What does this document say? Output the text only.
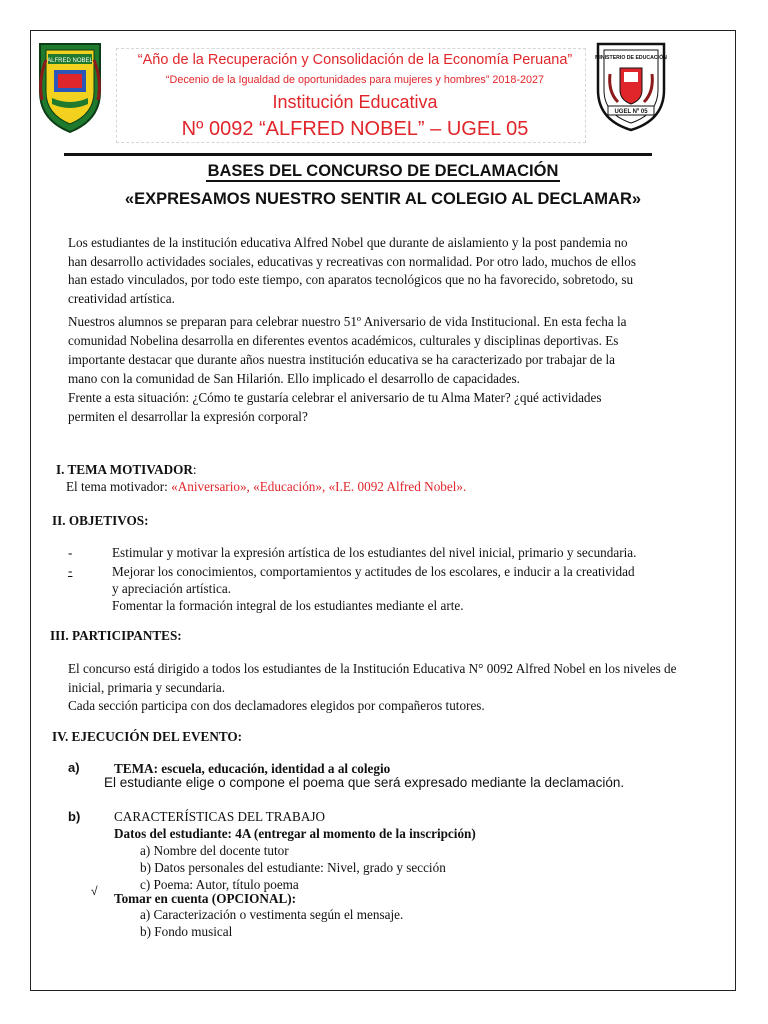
ALFRED NOBEL	MINISTERIO DE EDUCACIÓN
UGEL Nº 05
“Año de la Recuperación y Consolidación de la Economía Peruana”
“Decenio de la Igualdad de oportunidades para mujeres y hombres” 2018-2027
Institución Educativa
Nº 0092 “ALFRED NOBEL” – UGEL 05
BASES DEL CONCURSO DE DECLAMACIÓN
«EXPRESAMOS NUESTRO SENTIR AL COLEGIO AL DECLAMAR»
Los estudiantes de la institución educativa Alfred Nobel que durante de aislamiento y la post pandemia no
han desarrollo actividades sociales, educativas y recreativas con normalidad. Por otro lado, muchos de ellos
han estado vinculados, por todo este tiempo, con aparatos tecnológicos que no ha favorecido, sobretodo, su
creatividad artística.
Nuestros alumnos se preparan para celebrar nuestro 51º Aniversario de vida Institucional. En esta fecha la
comunidad Nobelina desarrolla en diferentes eventos académicos, culturales y disciplinas deportivas. Es
importante destacar que durante años nuestra institución educativa se ha caracterizado por trabajar de la
mano con la comunidad de San Hilarión. Ello implicado el desarrollo de capacidades.
Frente a esta situación: ¿Cómo te gustaría celebrar el aniversario de tu Alma Mater? ¿qué actividades
permiten el desarrollar la expresión corporal?
I. TEMA MOTIVADOR:
El tema motivador: «Aniversario», «Educación», «I.E. 0092 Alfred Nobel».
II. OBJETIVOS:
-
-
Estimular y motivar la expresión artística de los estudiantes del nivel inicial, primario y secundaria.
Mejorar los conocimientos, comportamientos y actitudes de los escolares, e inducir a la creatividad
y apreciación artística.
Fomentar la formación integral de los estudiantes mediante el arte.
III. PARTICIPANTES:
El concurso está dirigido a todos los estudiantes de la Institución Educativa N° 0092 Alfred Nobel en los niveles de
inicial, primaria y secundaria.
Cada sección participa con dos declamadores elegidos por compañeros tutores.
IV. EJECUCIÓN DEL EVENTO:
a)	TEMA: escuela, educación, identidad a al colegio
El estudiante elige o compone el poema que será expresado mediante la declamación.
b)	CARACTERÍSTICAS DEL TRABAJO
Datos del estudiante: 4A (entregar al momento de la inscripción)
a) Nombre del docente tutor
b) Datos personales del estudiante: Nivel, grado y sección
c) Poema: Autor, título poema
√ Tomar en cuenta (OPCIONAL):
a) Caracterización o vestimenta según el mensaje.
b) Fondo musical
